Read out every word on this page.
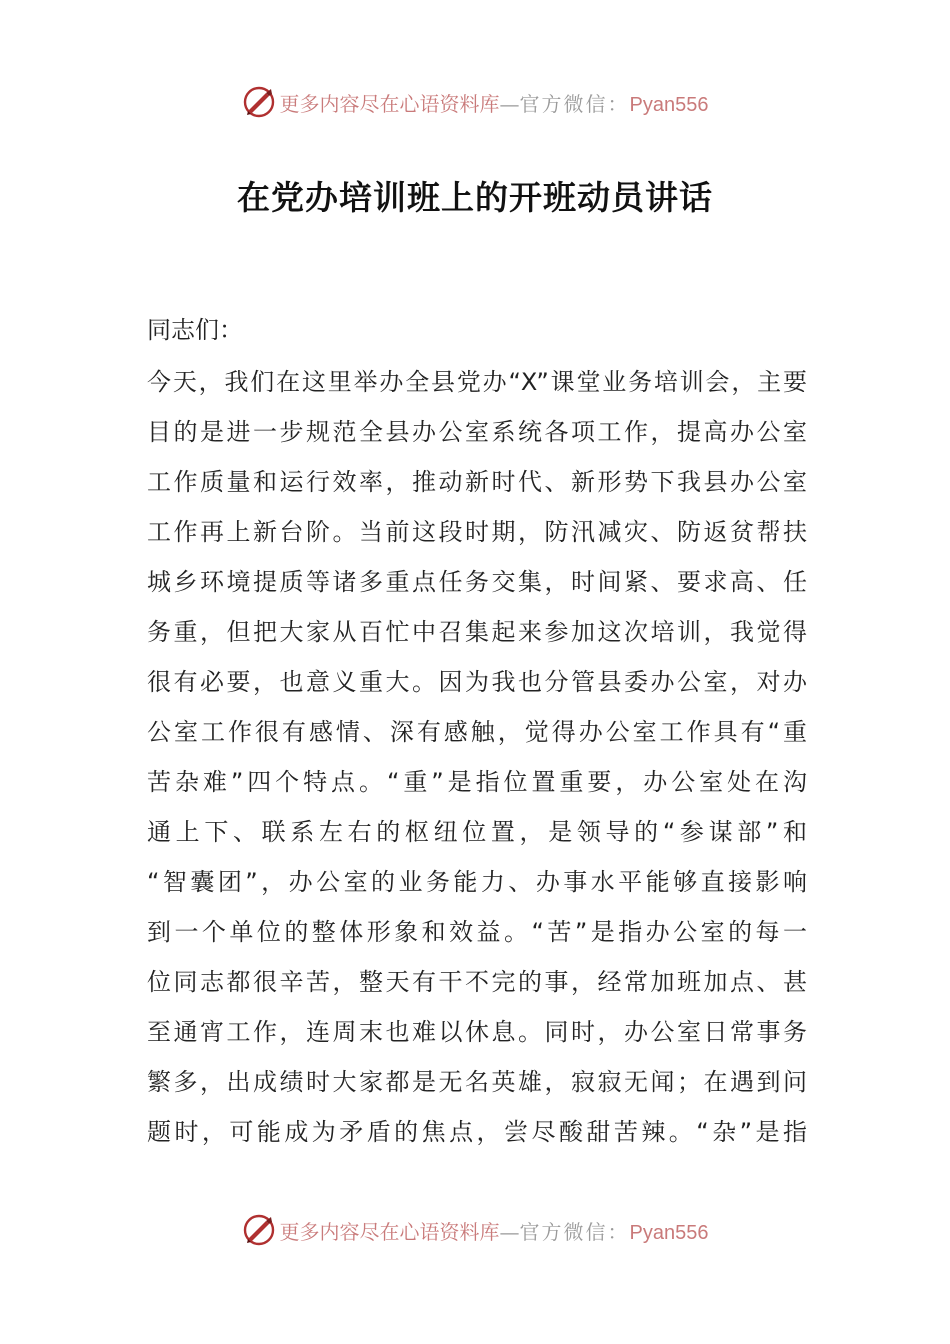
更多内容尽在心语资料库—官方微信：Pyan556
在党办培训班上的开班动员讲话
同志们：
今天，我们在这里举办全县党办“X”课堂业务培训会，主要
目的是进一步规范全县办公室系统各项工作，提高办公室
工作质量和运行效率，推动新时代、新形势下我县办公室
工作再上新台阶。当前这段时期，防汛减灾、防返贫帮扶
城乡环境提质等诸多重点任务交集，时间紧、要求高、任
务重，但把大家从百忙中召集起来参加这次培训，我觉得
很有必要，也意义重大。因为我也分管县委办公室，对办
公室工作很有感情、深有感触，觉得办公室工作具有“重
苦杂难”四个特点。“重”是指位置重要，办公室处在沟
通上下、联系左右的枢纽位置，是领导的“参谋部”和
“智囊团”，办公室的业务能力、办事水平能够直接影响
到一个单位的整体形象和效益。“苦”是指办公室的每一
位同志都很辛苦，整天有干不完的事，经常加班加点、甚
至通宵工作，连周末也难以休息。同时，办公室日常事务
繁多，出成绩时大家都是无名英雄，寂寂无闻；在遇到问
题时，可能成为矛盾的焦点，尝尽酸甜苦辣。“杂”是指
更多内容尽在心语资料库—官方微信：Pyan556
